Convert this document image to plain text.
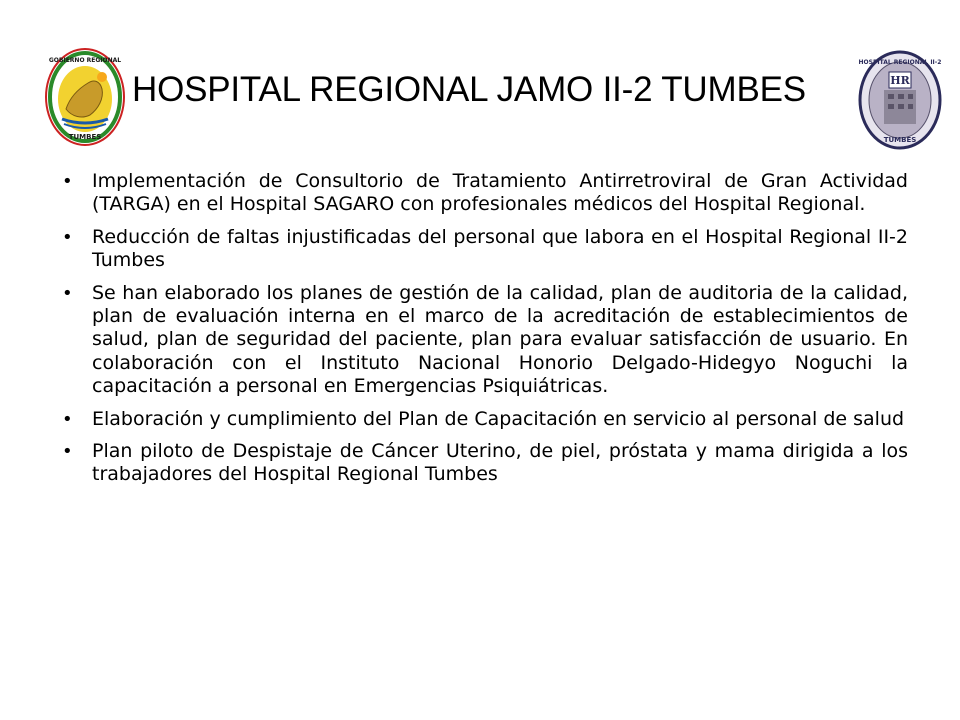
GOBIERNO REGIONAL
TUMBES
HOSPITAL REGIONAL JAMO II-2 TUMBES	HR
HOSPITAL REGIONAL II-2
TUMBES
• Implementación de Consultorio de Tratamiento Antirretroviral de Gran Actividad (TARGA) en el Hospital SAGARO con profesionales médicos del Hospital Regional.
• Reducción de faltas injustificadas del personal que labora en el Hospital Regional II-2 Tumbes
• Se han elaborado los planes de gestión de la calidad, plan de auditoria de la calidad, plan de evaluación interna en el marco de la acreditación de establecimientos de salud, plan de seguridad del paciente, plan para evaluar satisfacción de usuario. En colaboración con el Instituto Nacional Honorio Delgado-Hidegyo Noguchi la capacitación a personal en Emergencias Psiquiátricas.
• Elaboración y cumplimiento del Plan de Capacitación en servicio al personal de salud
• Plan piloto de Despistaje de Cáncer Uterino, de piel, próstata y mama dirigida a los trabajadores del Hospital Regional Tumbes
